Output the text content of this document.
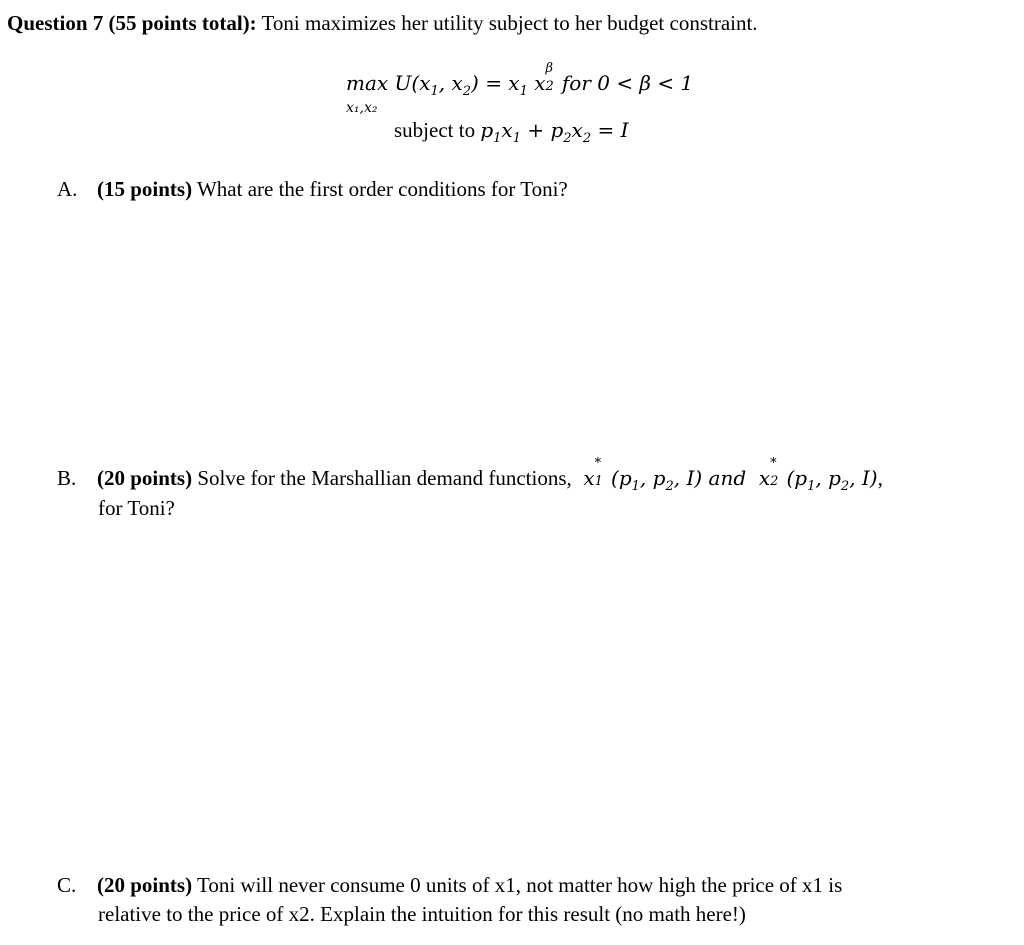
Question 7 (55 points total): Toni maximizes her utility subject to her budget constraint.
$\max U(x_1$, $x_2) = x_1$ x
β
2 for 0 < β < 1
x₁,x₂
subject to $p_1x_1 + p_2x_2 = I$
A. (15 points) What are the first order conditions for Toni?
B. (20 points) Solve for the Marshallian demand functions,  x
*
1 ($p_1$, $p_2$, I) and  x
*
2 ($p_1$, $p_2$, I),
for Toni?
C. (20 points) Toni will never consume 0 units of x1, not matter how high the price of x1 is
relative to the price of x2. Explain the intuition for this result (no math here!)
